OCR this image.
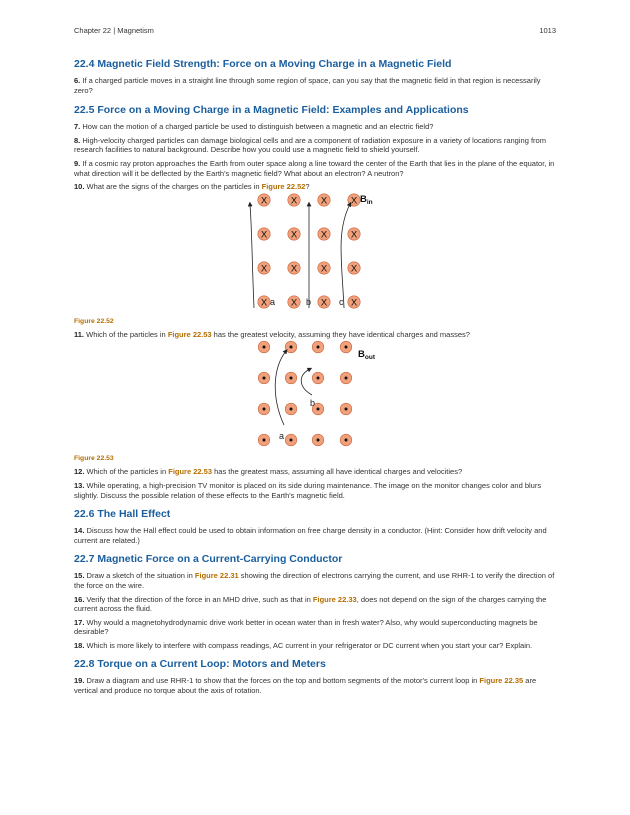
Chapter 22 | Magnetism	1013
22.4 Magnetic Field Strength: Force on a Moving Charge in a Magnetic Field

6. If a charged particle moves in a straight line through some region of space, can you say that the magnetic field in that region is necessarily zero?

22.5 Force on a Moving Charge in a Magnetic Field: Examples and Applications

7. How can the motion of a charged particle be used to distinguish between a magnetic and an electric field?

8. High-velocity charged particles can damage biological cells and are a component of radiation exposure in a variety of locations ranging from research facilities to natural background. Describe how you could use a magnetic field to shield yourself.

9. If a cosmic ray proton approaches the Earth from outer space along a line toward the center of the Earth that lies in the plane of the equator, in what direction will it be deflected by the Earth's magnetic field? What about an electron? A neutron?

10. What are the signs of the charges on the particles in Figure 22.52?

X X X X
X X X X
X X X X
X X X X
a	b	c
$B_{in}$
Figure 22.52

11. Which of the particles in Figure 22.53 has the greatest velocity, assuming they have identical charges and masses?

a
b
$B_{out}$
Figure 22.53

12. Which of the particles in Figure 22.53 has the greatest mass, assuming all have identical charges and velocities?

13. While operating, a high-precision TV monitor is placed on its side during maintenance. The image on the monitor changes color and blurs slightly. Discuss the possible relation of these effects to the Earth's magnetic field.

22.6 The Hall Effect

14. Discuss how the Hall effect could be used to obtain information on free charge density in a conductor. (Hint: Consider how drift velocity and current are related.)

22.7 Magnetic Force on a Current-Carrying Conductor

15. Draw a sketch of the situation in Figure 22.31 showing the direction of electrons carrying the current, and use RHR-1 to verify the direction of the force on the wire.

16. Verify that the direction of the force in an MHD drive, such as that in Figure 22.33, does not depend on the sign of the charges carrying the current across the fluid.

17. Why would a magnetohydrodynamic drive work better in ocean water than in fresh water? Also, why would superconducting magnets be desirable?

18. Which is more likely to interfere with compass readings, AC current in your refrigerator or DC current when you start your car? Explain.

22.8 Torque on a Current Loop: Motors and Meters

19. Draw a diagram and use RHR-1 to show that the forces on the top and bottom segments of the motor's current loop in Figure 22.35 are vertical and produce no torque about the axis of rotation.
